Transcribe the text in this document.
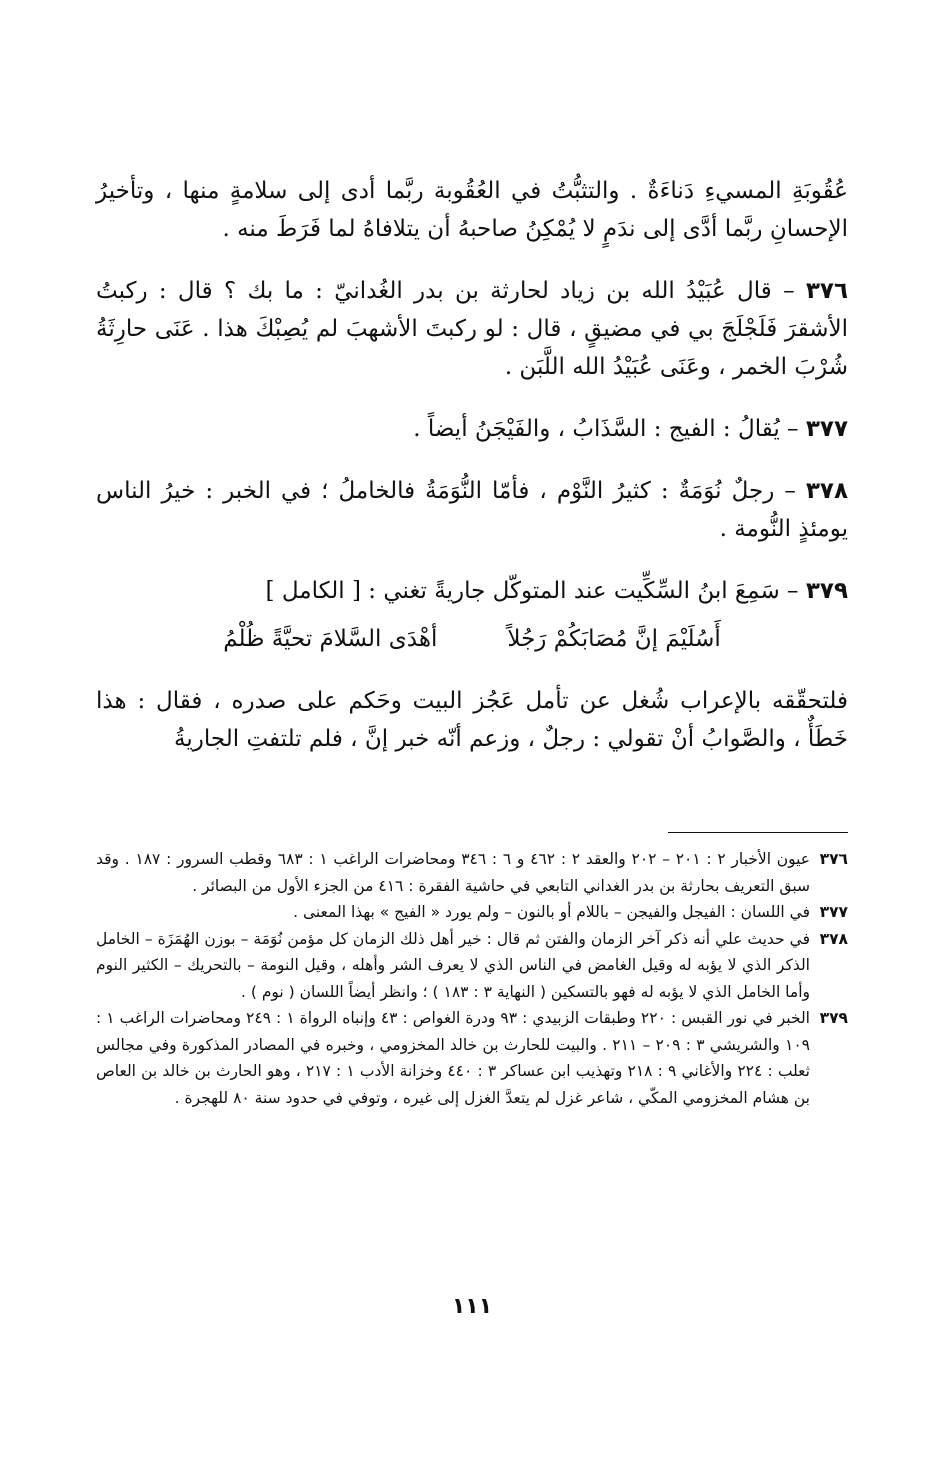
عُقُوبَةِ المسيءِ دَناءَةٌ . والتثبُّتُ في العُقُوبة ربَّما أدى إلى سلامةٍ منها ، وتأخيرُ الإحسانِ ربَّما أدَّى إلى ندَمٍ لا يُمْكِنُ صاحبهُ أن يتلافاهُ لما فَرَطَ منه .

٣٧٦ – قال عُبَيْدُ الله بن زياد لحارثة بن بدر الغُدانيّ : ما بك ؟ قال : ركبتُ الأشقرَ فَلَجْلَجَ بي في مضيقٍ ، قال : لو ركبتَ الأشهبَ لم يُصِبْكَ هذا . عَنَى حارِثَةُ شُرْبَ الخمر ، وعَنَى عُبَيْدُ الله اللَّبَن .

٣٧٧ – يُقالُ : الفيج : السَّذَابُ ، والفَيْجَنُ أيضاً .

٣٧٨ – رجلٌ نُوَمَةٌ : كثيرُ النَّوْم ، فأمّا النُّوَمَةُ فالخاملُ ؛ في الخبر : خيرُ الناس يومئذٍ النُّومة .

٣٧٩ – سَمِعَ ابنُ السِّكِّيت عند المتوكّل جاريةً تغني : [ الكامل ]

أَسُلَيْمَ إنَّ مُصَابَكُمْ رَجُلاً
أهْدَى السَّلامَ تحيَّةً ظُلْمُ

فلتحقّقه بالإعراب شُغل عن تأمل عَجُز البيت وحَكم على صدره ، فقال : هذا خَطَأٌ ، والصَّوابُ أنْ تقولي : رجلٌ ، وزعم أنّه خبر إنَّ ، فلم تلتفتِ الجاريةُ

٣٧٦
عيون الأخبار ٢ : ٢٠١ – ٢٠٢ والعقد ٢ : ٤٦٢ و ٦ : ٣٤٦ ومحاضرات الراغب ١ : ٦٨٣ وقطب السرور : ١٨٧ . وقد سبق التعريف بحارثة بن بدر الغداني التابعي في حاشية الفقرة : ٤١٦ من الجزء الأول من البصائر .
٣٧٧
في اللسان : الفيجل والفيجن – باللام أو بالنون – ولم يورد « الفيج » بهذا المعنى .
٣٧٨
في حديث علي أنه ذكر آخر الزمان والفتن ثم قال : خير أهل ذلك الزمان كل مؤمن نُوَمَة – بوزن الهُمَزَة – الخامل الذكر الذي لا يؤبه له وقيل الغامض في الناس الذي لا يعرف الشر وأهله ، وقيل النومة – بالتحريك – الكثير النوم وأما الخامل الذي لا يؤبه له فهو بالتسكين ( النهاية ٣ : ١٨٣ ) ؛ وانظر أيضاً اللسان ( نوم ) .
٣٧٩
الخبر في نور القبس : ٢٢٠ وطبقات الزبيدي : ٩٣ ودرة الغواص : ٤٣ وإنباه الرواة ١ : ٢٤٩ ومحاضرات الراغب ١ : ١٠٩ والشريشي ٣ : ٢٠٩ – ٢١١ . والبيت للحارث بن خالد المخزومي ، وخبره في المصادر المذكورة وفي مجالس ثعلب : ٢٢٤ والأغاني ٩ : ٢١٨ وتهذيب ابن عساكر ٣ : ٤٤٠ وخزانة الأدب ١ : ٢١٧ ، وهو الحارث بن خالد بن العاص بن هشام المخزومي المكّي ، شاعر غزل لم يتعدَّ الغزل إلى غيره ، وتوفي في حدود سنة ٨٠ للهجرة .
١١١
